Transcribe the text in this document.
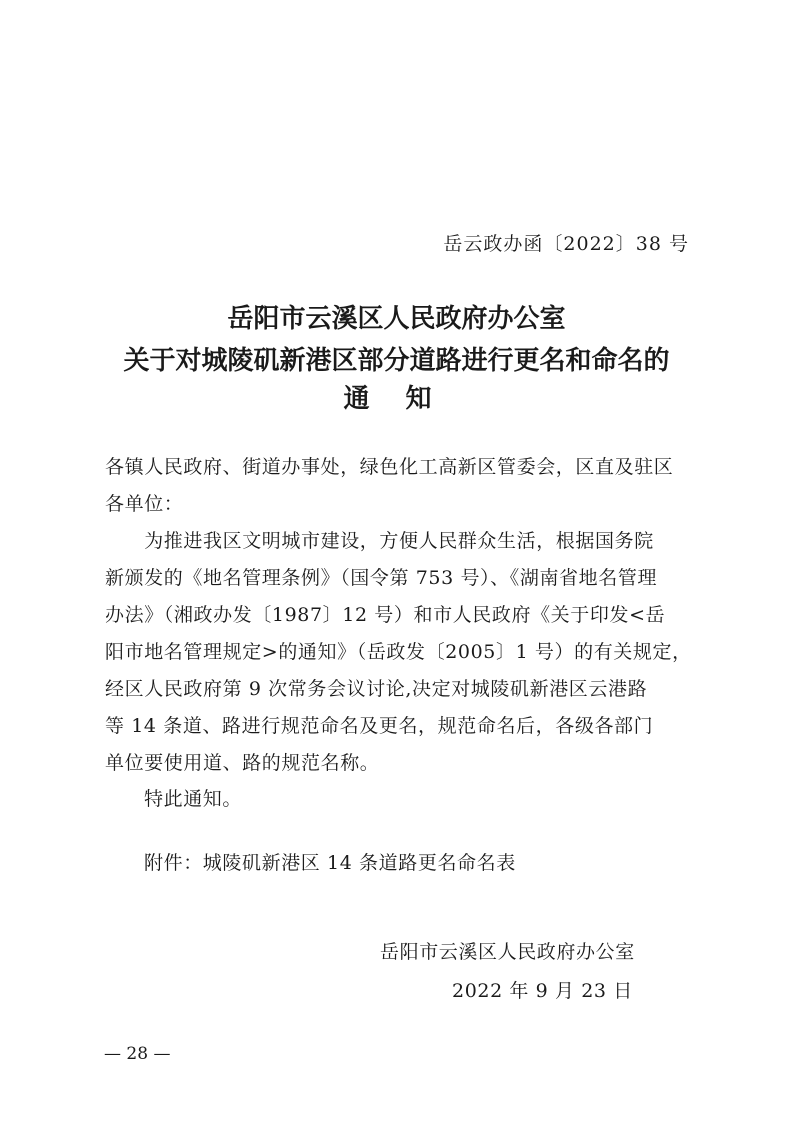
岳云政办函〔2022〕38 号
岳阳市云溪区人民政府办公室
关于对城陵矶新港区部分道路进行更名和命名的
通知
各镇人民政府、街道办事处，绿色化工高新区管委会，区直及驻区
各单位：
　　为推进我区文明城市建设，方便人民群众生活，根据国务院
新颁发的《地名管理条例》（国令第 753 号）、《湖南省地名管理
办法》（湘政办发〔1987〕12 号）和市人民政府《关于印发<岳
阳市地名管理规定>的通知》（岳政发〔2005〕1 号）的有关规定，
经区人民政府第 9 次常务会议讨论,决定对城陵矶新港区云港路
等 14 条道、路进行规范命名及更名，规范命名后，各级各部门
单位要使用道、路的规范名称。
特此通知。
附件：城陵矶新港区 14 条道路更名命名表
岳阳市云溪区人民政府办公室
2022 年 9 月 23 日
— 28 —
